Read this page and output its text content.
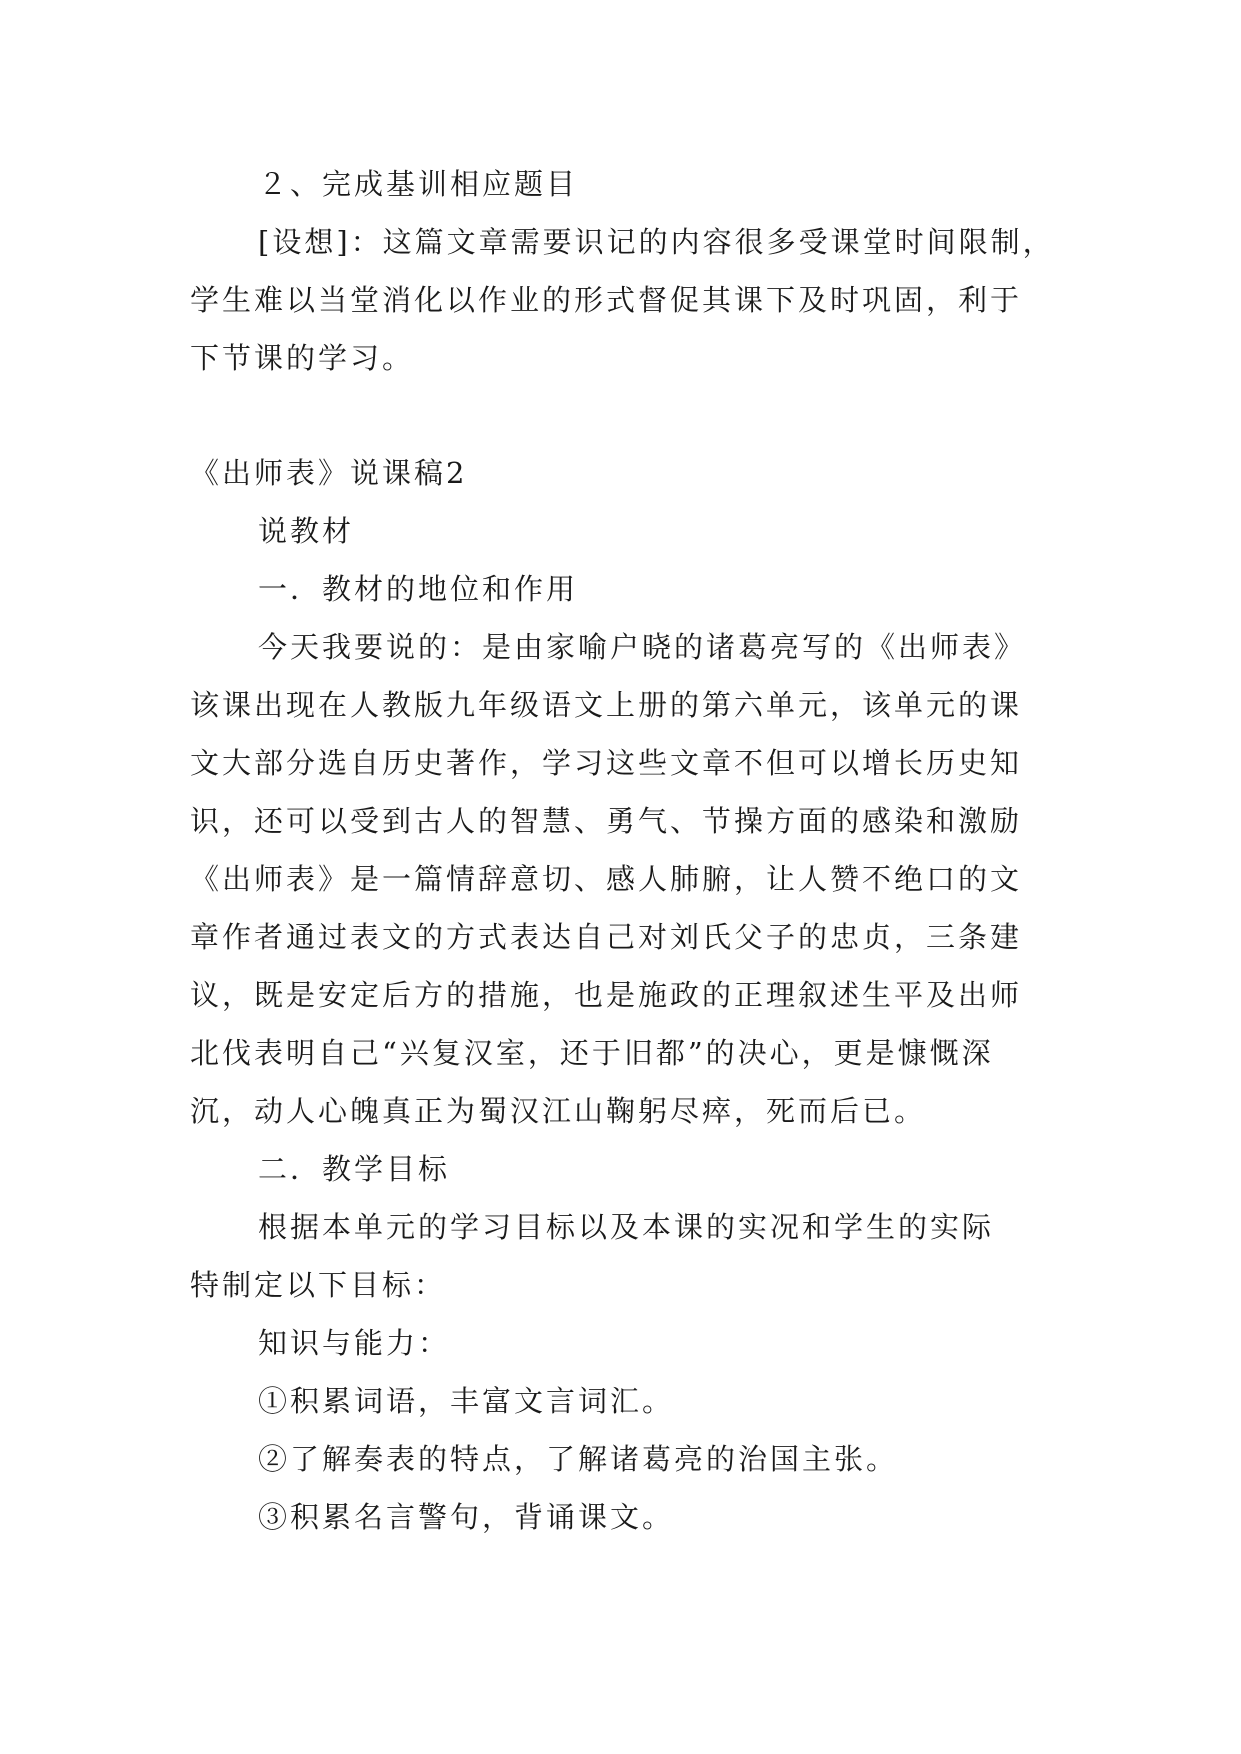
２、完成基训相应题目
[设想]：这篇文章需要识记的内容很多受课堂时间限制，
学生难以当堂消化以作业的形式督促其课下及时巩固，利于
下节课的学习。
《出师表》说课稿2
说教材
一．教材的地位和作用
今天我要说的：是由家喻户晓的诸葛亮写的《出师表》
该课出现在人教版九年级语文上册的第六单元，该单元的课
文大部分选自历史著作，学习这些文章不但可以增长历史知
识，还可以受到古人的智慧、勇气、节操方面的感染和激励
《出师表》是一篇情辞意切、感人肺腑，让人赞不绝口的文
章作者通过表文的方式表达自己对刘氏父子的忠贞，三条建
议，既是安定后方的措施，也是施政的正理叙述生平及出师
北伐表明自己“兴复汉室，还于旧都”的决心，更是慷慨深
沉，动人心魄真正为蜀汉江山鞠躬尽瘁，死而后已。
二．教学目标
根据本单元的学习目标以及本课的实况和学生的实际
特制定以下目标：
知识与能力：
①积累词语，丰富文言词汇。
②了解奏表的特点，了解诸葛亮的治国主张。
③积累名言警句，背诵课文。
